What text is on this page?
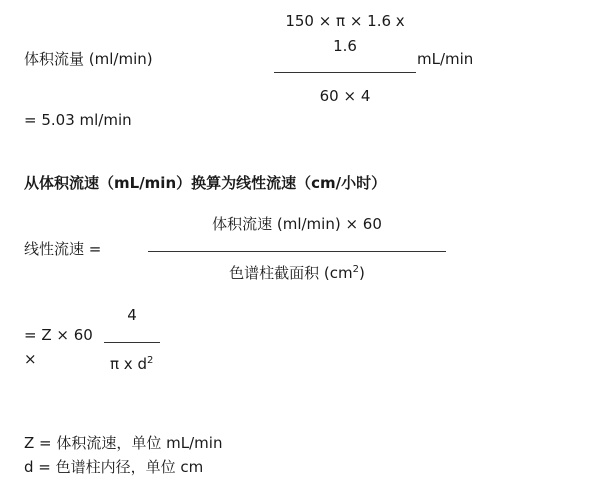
150 × π × 1.6 x
1.6
体积流量 (ml/min)	mL/min
60 × 4
= 5.03 ml/min
从体积流速（mL/min）换算为线性流速（cm/小时）
体积流速 (ml/min) × 60
线性流速 =
色谱柱截面积 $(cm^2)$
4
= Z × 60
×	π x $d^2$
Z = 体积流速，单位 mL/min
d = 色谱柱内径，单位 cm
